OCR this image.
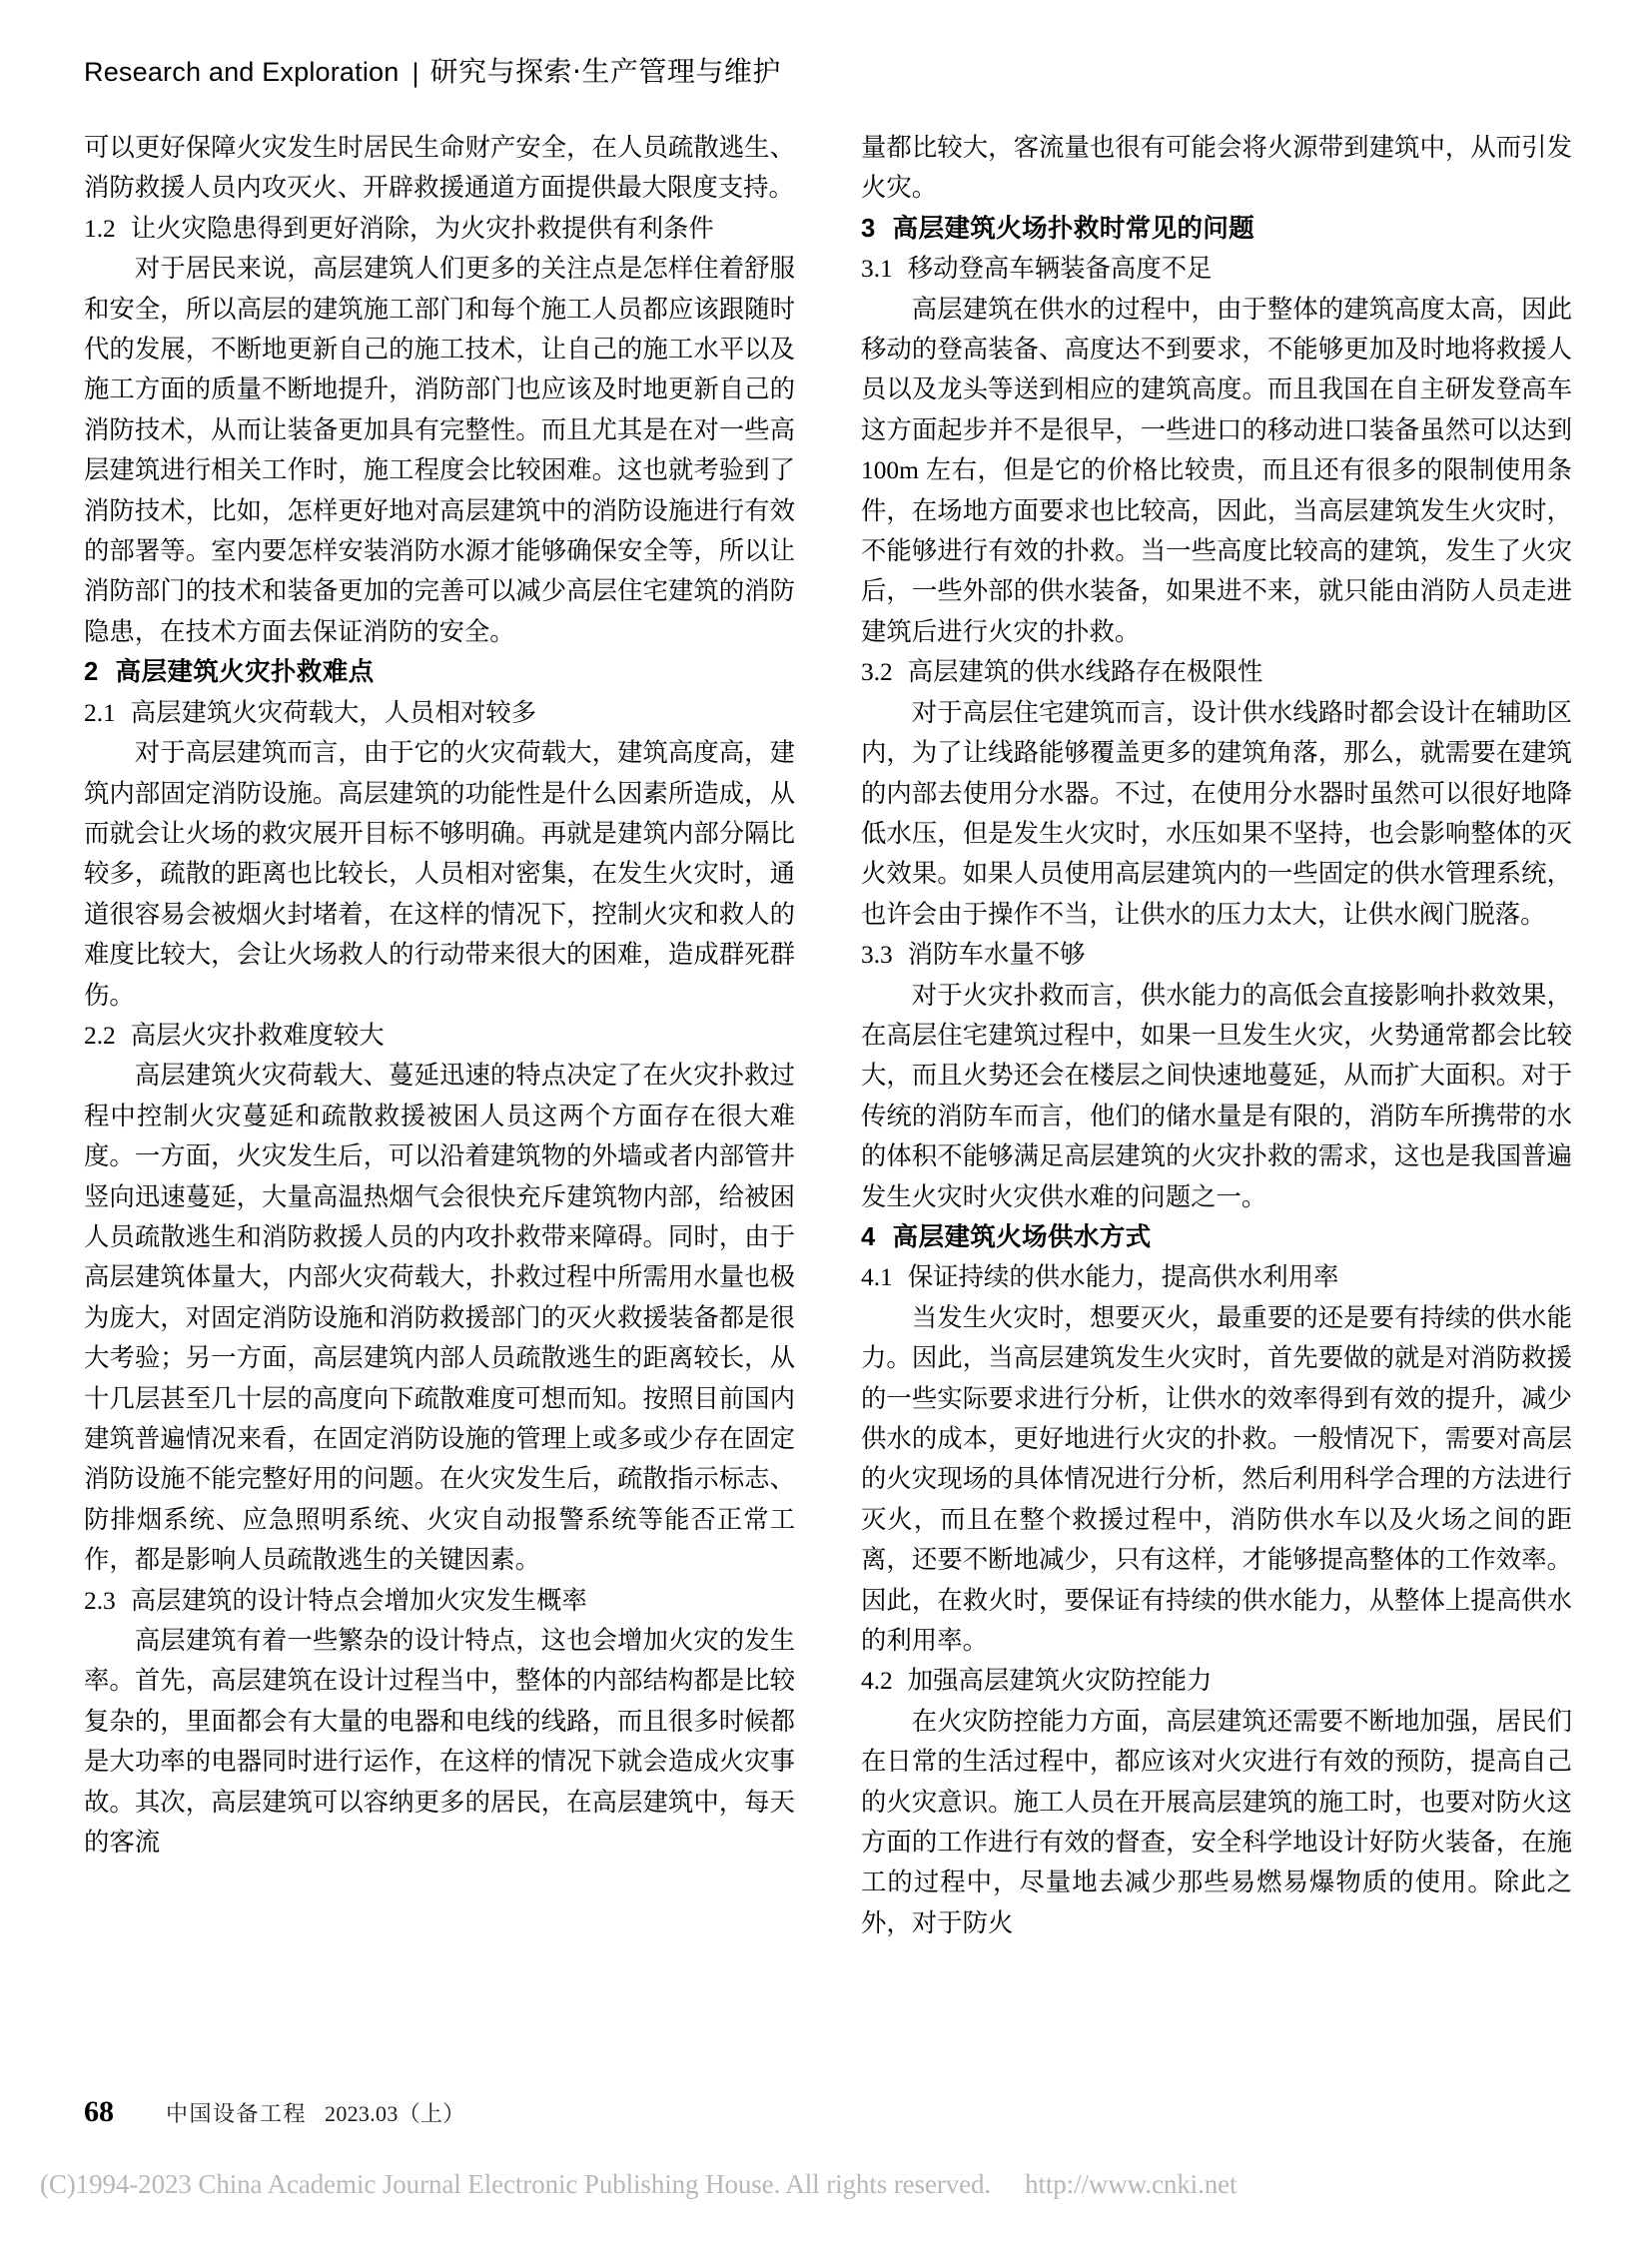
Research and Exploration | 研究与探索·生产管理与维护

可以更好保障火灾发生时居民生命财产安全，在人员疏散逃生、消防救援人员内攻灭火、开辟救援通道方面提供最大限度支持。

1.2 让火灾隐患得到更好消除，为火灾扑救提供有利条件

对于居民来说，高层建筑人们更多的关注点是怎样住着舒服和安全，所以高层的建筑施工部门和每个施工人员都应该跟随时代的发展，不断地更新自己的施工技术，让自己的施工水平以及施工方面的质量不断地提升，消防部门也应该及时地更新自己的消防技术，从而让装备更加具有完整性。而且尤其是在对一些高层建筑进行相关工作时，施工程度会比较困难。这也就考验到了消防技术，比如，怎样更好地对高层建筑中的消防设施进行有效的部署等。室内要怎样安装消防水源才能够确保安全等，所以让消防部门的技术和装备更加的完善可以减少高层住宅建筑的消防隐患，在技术方面去保证消防的安全。

2 高层建筑火灾扑救难点
2.1 高层建筑火灾荷载大，人员相对较多

对于高层建筑而言，由于它的火灾荷载大，建筑高度高，建筑内部固定消防设施。高层建筑的功能性是什么因素所造成，从而就会让火场的救灾展开目标不够明确。再就是建筑内部分隔比较多，疏散的距离也比较长，人员相对密集，在发生火灾时，通道很容易会被烟火封堵着，在这样的情况下，控制火灾和救人的难度比较大，会让火场救人的行动带来很大的困难，造成群死群伤。

2.2 高层火灾扑救难度较大

高层建筑火灾荷载大、蔓延迅速的特点决定了在火灾扑救过程中控制火灾蔓延和疏散救援被困人员这两个方面存在很大难度。一方面，火灾发生后，可以沿着建筑物的外墙或者内部管井竖向迅速蔓延，大量高温热烟气会很快充斥建筑物内部，给被困人员疏散逃生和消防救援人员的内攻扑救带来障碍。同时，由于高层建筑体量大，内部火灾荷载大，扑救过程中所需用水量也极为庞大，对固定消防设施和消防救援部门的灭火救援装备都是很大考验；另一方面，高层建筑内部人员疏散逃生的距离较长，从十几层甚至几十层的高度向下疏散难度可想而知。按照目前国内建筑普遍情况来看，在固定消防设施的管理上或多或少存在固定消防设施不能完整好用的问题。在火灾发生后，疏散指示标志、防排烟系统、应急照明系统、火灾自动报警系统等能否正常工作，都是影响人员疏散逃生的关键因素。

2.3 高层建筑的设计特点会增加火灾发生概率

高层建筑有着一些繁杂的设计特点，这也会增加火灾的发生率。首先，高层建筑在设计过程当中，整体的内部结构都是比较复杂的，里面都会有大量的电器和电线的线路，而且很多时候都是大功率的电器同时进行运作，在这样的情况下就会造成火灾事故。其次，高层建筑可以容纳更多的居民，在高层建筑中，每天的客流

量都比较大，客流量也很有可能会将火源带到建筑中，从而引发火灾。

3 高层建筑火场扑救时常见的问题
3.1 移动登高车辆装备高度不足

高层建筑在供水的过程中，由于整体的建筑高度太高，因此移动的登高装备、高度达不到要求，不能够更加及时地将救援人员以及龙头等送到相应的建筑高度。而且我国在自主研发登高车这方面起步并不是很早，一些进口的移动进口装备虽然可以达到 100m 左右，但是它的价格比较贵，而且还有很多的限制使用条件，在场地方面要求也比较高，因此，当高层建筑发生火灾时，不能够进行有效的扑救。当一些高度比较高的建筑，发生了火灾后，一些外部的供水装备，如果进不来，就只能由消防人员走进建筑后进行火灾的扑救。

3.2 高层建筑的供水线路存在极限性

对于高层住宅建筑而言，设计供水线路时都会设计在辅助区内，为了让线路能够覆盖更多的建筑角落，那么，就需要在建筑的内部去使用分水器。不过，在使用分水器时虽然可以很好地降低水压，但是发生火灾时，水压如果不坚持，也会影响整体的灭火效果。如果人员使用高层建筑内的一些固定的供水管理系统，也许会由于操作不当，让供水的压力太大，让供水阀门脱落。

3.3 消防车水量不够

对于火灾扑救而言，供水能力的高低会直接影响扑救效果，在高层住宅建筑过程中，如果一旦发生火灾，火势通常都会比较大，而且火势还会在楼层之间快速地蔓延，从而扩大面积。对于传统的消防车而言，他们的储水量是有限的，消防车所携带的水的体积不能够满足高层建筑的火灾扑救的需求，这也是我国普遍发生火灾时火灾供水难的问题之一。

4 高层建筑火场供水方式
4.1 保证持续的供水能力，提高供水利用率

当发生火灾时，想要灭火，最重要的还是要有持续的供水能力。因此，当高层建筑发生火灾时，首先要做的就是对消防救援的一些实际要求进行分析，让供水的效率得到有效的提升，减少供水的成本，更好地进行火灾的扑救。一般情况下，需要对高层的火灾现场的具体情况进行分析，然后利用科学合理的方法进行灭火，而且在整个救援过程中，消防供水车以及火场之间的距离，还要不断地减少，只有这样，才能够提高整体的工作效率。因此，在救火时，要保证有持续的供水能力，从整体上提高供水的利用率。

4.2 加强高层建筑火灾防控能力

在火灾防控能力方面，高层建筑还需要不断地加强，居民们在日常的生活过程中，都应该对火灾进行有效的预防，提高自己的火灾意识。施工人员在开展高层建筑的施工时，也要对防火这方面的工作进行有效的督查，安全科学地设计好防火装备，在施工的过程中，尽量地去减少那些易燃易爆物质的使用。除此之外，对于防火

68 中国设备工程 2023.03（上）
(C)1994-2023 China Academic Journal Electronic Publishing House. All rights reserved. http://www.cnki.net
